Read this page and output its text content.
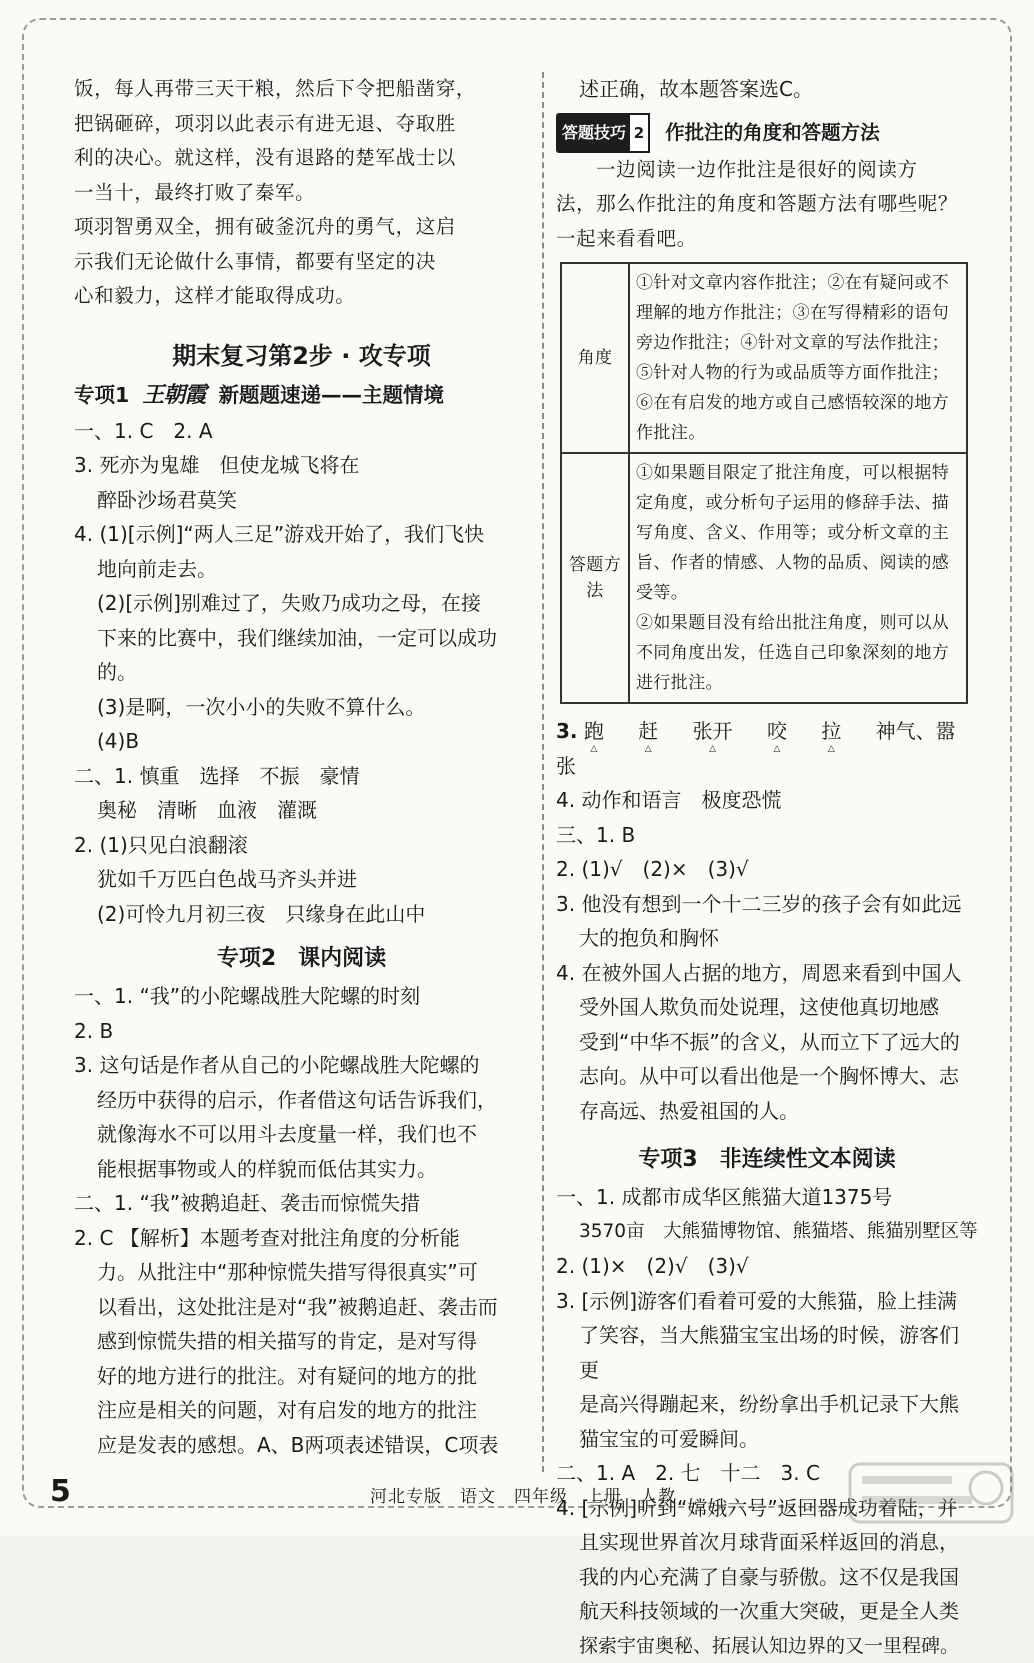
饭，每人再带三天干粮，然后下令把船凿穿，

把锅砸碎，项羽以此表示有进无退、夺取胜

利的决心。就这样，没有退路的楚军战士以

一当十，最终打败了秦军。

项羽智勇双全，拥有破釜沉舟的勇气，这启

示我们无论做什么事情，都要有坚定的决

心和毅力，这样才能取得成功。

期末复习第2步 · 攻专项
专项1 王朝霞 新题题速递——主题情境

一、1. C　2. A

3. 死亦为鬼雄　但使龙城飞将在

醉卧沙场君莫笑

4. (1)[示例]“两人三足”游戏开始了，我们飞快

地向前走去。

(2)[示例]别难过了，失败乃成功之母，在接

下来的比赛中，我们继续加油，一定可以成功

的。

(3)是啊，一次小小的失败不算什么。

(4)B

二、1. 慎重　选择　不振　豪情

奥秘　清晰　血液　灌溉

2. (1)只见白浪翻滚

犹如千万匹白色战马齐头并进

(2)可怜九月初三夜　只缘身在此山中

专项2　课内阅读

一、1. “我”的小陀螺战胜大陀螺的时刻

2. B

3. 这句话是作者从自己的小陀螺战胜大陀螺的

经历中获得的启示，作者借这句话告诉我们，

就像海水不可以用斗去度量一样，我们也不

能根据事物或人的样貌而低估其实力。

二、1. “我”被鹅追赶、袭击而惊慌失措

2. C 【解析】本题考查对批注角度的分析能

力。从批注中“那种惊慌失措写得很真实”可

以看出，这处批注是对“我”被鹅追赶、袭击而

感到惊慌失措的相关描写的肯定，是对写得

好的地方进行的批注。对有疑问的地方的批

注应是相关的问题，对有启发的地方的批注

应是发表的感想。A、B两项表述错误，C项表

述正确，故本题答案选C。

答题技巧 2 作批注的角度和答题方法

一边阅读一边作批注是很好的阅读方

法，那么作批注的角度和答题方法有哪些呢？

一起来看看吧。

角度	①针对文章内容作批注；②在有疑问或不理解的地方作批注；③在写得精彩的语句旁边作批注；④针对文章的写法作批注；⑤针对人物的行为或品质等方面作批注；⑥在有启发的地方或自己感悟较深的地方作批注。
答题方法	①如果题目限定了批注角度，可以根据特定角度，或分析句子运用的修辞手法、描写角度、含义、作用等；或分析文章的主旨、作者的情感、人物的品质、阅读的感受等。
②如果题目没有给出批注角度，则可以从不同角度出发，任选自己印象深刻的地方进行批注。
3. 跑 △ 赶 △ 张开 △ 咬 △ 拉 △ 神气、嚣张

4. 动作和语言　极度恐慌

三、1. B

2. (1)√　(2)×　(3)√

3. 他没有想到一个十二三岁的孩子会有如此远

大的抱负和胸怀

4. 在被外国人占据的地方，周恩来看到中国人

受外国人欺负而处说理，这使他真切地感

受到“中华不振”的含义，从而立下了远大的

志向。从中可以看出他是一个胸怀博大、志

存高远、热爱祖国的人。

专项3　非连续性文本阅读

一、1. 成都市成华区熊猫大道1375号

3570亩　大熊猫博物馆、熊猫塔、熊猫别墅区等

2. (1)×　(2)√　(3)√

3. [示例]游客们看着可爱的大熊猫，脸上挂满

了笑容，当大熊猫宝宝出场的时候，游客们更

是高兴得蹦起来，纷纷拿出手机记录下大熊

猫宝宝的可爱瞬间。

二、1. A　2. 七　十二　3. C

4. [示例]听到“嫦娥六号”返回器成功着陆，并

且实现世界首次月球背面采样返回的消息，

我的内心充满了自豪与骄傲。这不仅是我国

航天科技领域的一次重大突破，更是全人类

探索宇宙奥秘、拓展认知边界的又一里程碑。

5	河北专版　语文　四年级　上册　人教
